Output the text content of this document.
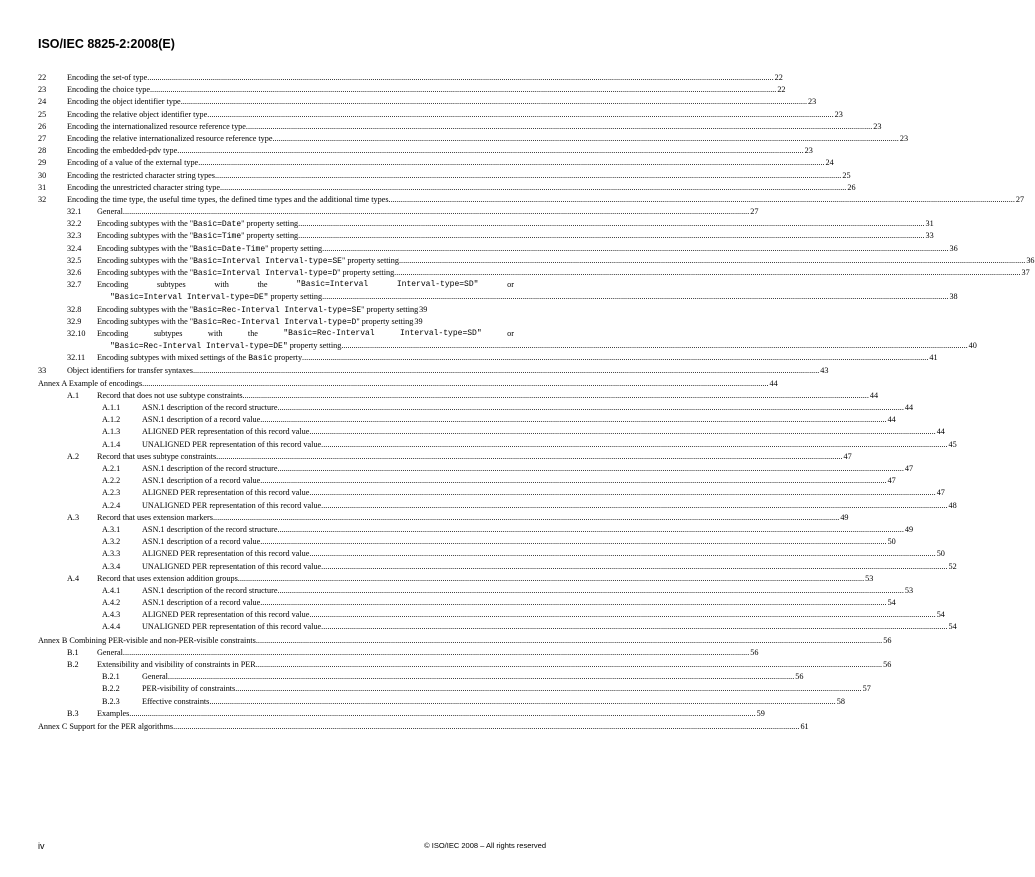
ISO/IEC 8825-2:2008(E)
22	Encoding the set-of type .....	22
23	Encoding the choice type .....	22
24	Encoding the object identifier type .....	23
25	Encoding the relative object identifier type .....	23
26	Encoding the internationalized resource reference type .....	23
27	Encoding the relative internationalized resource reference type .....	23
28	Encoding the embedded-pdv type .....	23
29	Encoding of a value of the external type .....	24
30	Encoding the restricted character string types .....	25
31	Encoding the unrestricted character string type .....	26
32	Encoding the time type, the useful time types, the defined time types and the additional time types .....	27
32.1 General .....	27
32.2 Encoding subtypes with the "Basic=Date" property setting .....	31
32.3 Encoding subtypes with the "Basic=Time" property setting .....	33
32.4 Encoding subtypes with the "Basic=Date-Time" property setting .....	36
32.5 Encoding subtypes with the "Basic=Interval Interval-type=SE" property setting .....	36
32.6 Encoding subtypes with the "Basic=Interval Interval-type=D" property setting .....	37
32.7 Encoding	subtypes	with	the	"Basic=Interval	Interval-type=SD"	or
"Basic=Interval Interval-type=DE" property setting .....	38
32.8 Encoding subtypes with the "Basic=Rec-Interval Interval-type=SE" property setting 39
32.9 Encoding subtypes with the "Basic=Rec-Interval Interval-type=D" property setting 39
32.10 Encoding	subtypes	with	the	"Basic=Rec-Interval	Interval-type=SD"	or
"Basic=Rec-Interval Interval-type=DE" property setting .....	40
32.11 Encoding subtypes with mixed settings of the Basic property .....	41
33	Object identifiers for transfer syntaxes .....	43
Annex A Example of encodings .....	44
A.1 Record that does not use subtype constraints .....	44
A.1.1	ASN.1 description of the record structure .....	44
A.1.2	ASN.1 description of a record value .....	44
A.1.3	ALIGNED PER representation of this record value .....	44
A.1.4	UNALIGNED PER representation of this record value .....	45
A.2 Record that uses subtype constraints .....	47
A.2.1	ASN.1 description of the record structure .....	47
A.2.2	ASN.1 description of a record value .....	47
A.2.3	ALIGNED PER representation of this record value .....	47
A.2.4	UNALIGNED PER representation of this record value .....	48
A.3 Record that uses extension markers .....	49
A.3.1	ASN.1 description of the record structure .....	49
A.3.2	ASN.1 description of a record value .....	50
A.3.3	ALIGNED PER representation of this record value .....	50
A.3.4	UNALIGNED PER representation of this record value .....	52
A.4 Record that uses extension addition groups .....	53
A.4.1	ASN.1 description of the record structure .....	53
A.4.2	ASN.1 description of a record value .....	54
A.4.3	ALIGNED PER representation of this record value .....	54
A.4.4	UNALIGNED PER representation of this record value .....	54
Annex B Combining PER-visible and non-PER-visible constraints .....	56
B.1 General .....	56
B.2 Extensibility and visibility of constraints in PER .....	56
B.2.1	General .....	56
B.2.2	PER-visibility of constraints .....	57
B.2.3	Effective constraints .....	58
B.3 Examples .....	59
Annex C Support for the PER algorithms .....	61
iv	© ISO/IEC 2008 – All rights reserved
